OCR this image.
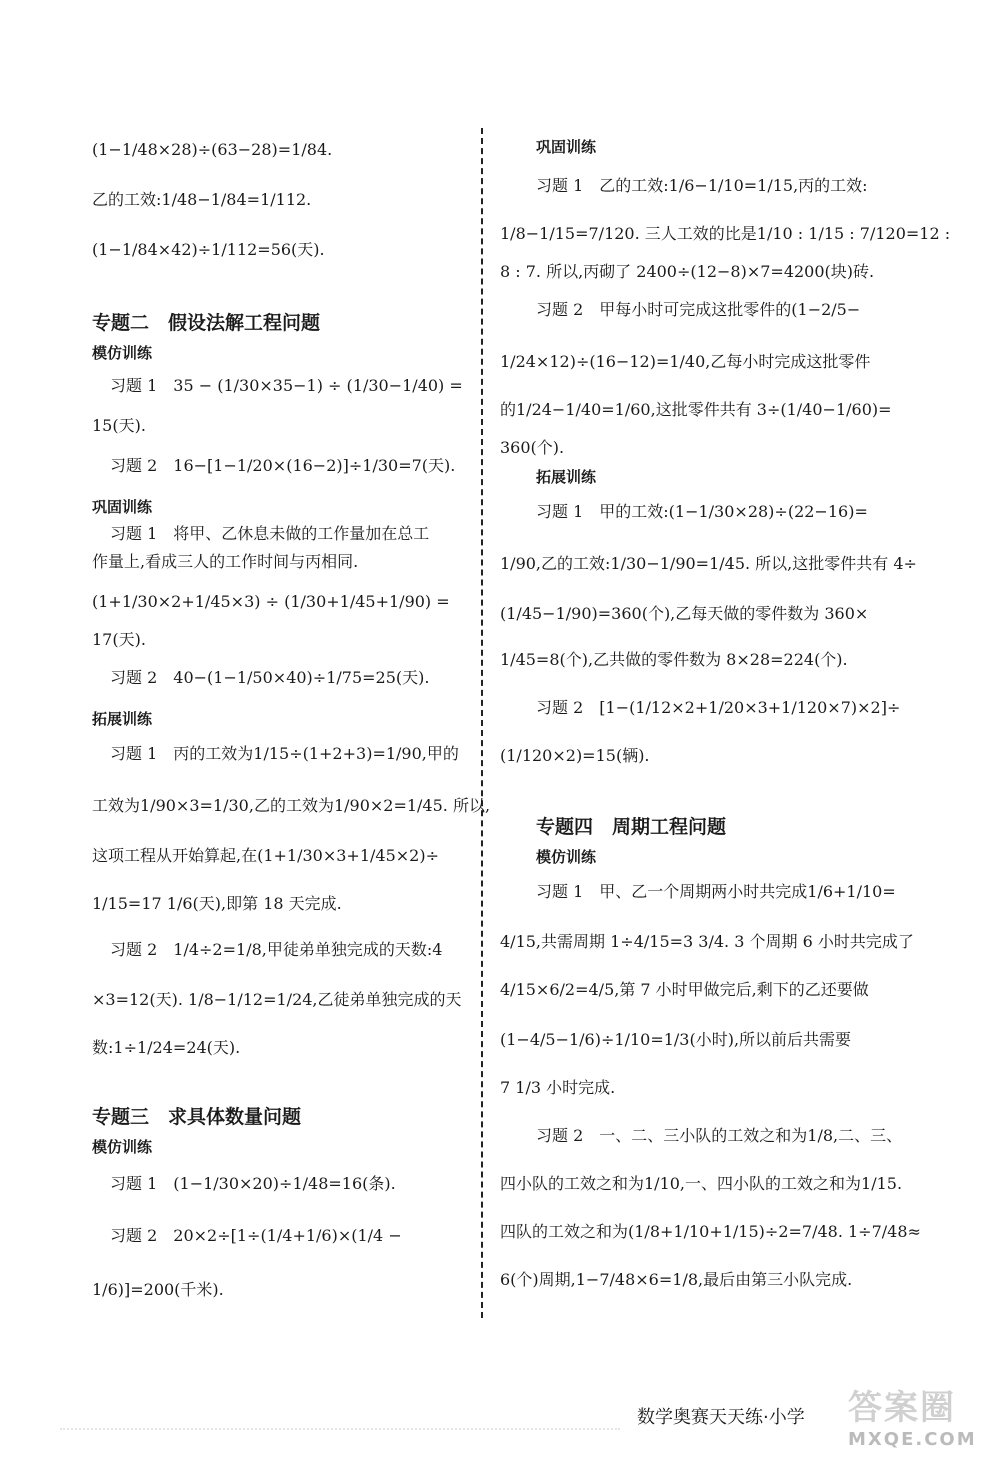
(1−1/48×28)÷(63−28)=1/84.
乙的工效:1/48−1/84=1/112.
(1−1/84×42)÷1/112=56(天).
专题二　假设法解工程问题
模仿训练
习题 1　35 − (1/30×35−1) ÷ (1/30−1/40) =
15(天).
习题 2　16−[1−1/20×(16−2)]÷1/30=7(天).
巩固训练
习题 1　将甲、乙休息未做的工作量加在总工
作量上,看成三人的工作时间与丙相同.
(1+1/30×2+1/45×3) ÷ (1/30+1/45+1/90) =
17(天).
习题 2　40−(1−1/50×40)÷1/75=25(天).
拓展训练
习题 1　丙的工效为1/15÷(1+2+3)=1/90,甲的
工效为1/90×3=1/30,乙的工效为1/90×2=1/45. 所以,
这项工程从开始算起,在(1+1/30×3+1/45×2)÷
1/15=17 1/6(天),即第 18 天完成.
习题 2　1/4÷2=1/8,甲徒弟单独完成的天数:4
×3=12(天). 1/8−1/12=1/24,乙徒弟单独完成的天
数:1÷1/24=24(天).
专题三　求具体数量问题
模仿训练
习题 1　(1−1/30×20)÷1/48=16(条).
习题 2　20×2÷[1÷(1/4+1/6)×(1/4 −
1/6)]=200(千米).
巩固训练
习题 1　乙的工效:1/6−1/10=1/15,丙的工效:
1/8−1/15=7/120. 三人工效的比是1/10 : 1/15 : 7/120=12 :
8 : 7. 所以,丙砌了 2400÷(12−8)×7=4200(块)砖.
习题 2　甲每小时可完成这批零件的(1−2/5−
1/24×12)÷(16−12)=1/40,乙每小时完成这批零件
的1/24−1/40=1/60,这批零件共有 3÷(1/40−1/60)=
360(个).
拓展训练
习题 1　甲的工效:(1−1/30×28)÷(22−16)=
1/90,乙的工效:1/30−1/90=1/45. 所以,这批零件共有 4÷
(1/45−1/90)=360(个),乙每天做的零件数为 360×
1/45=8(个),乙共做的零件数为 8×28=224(个).
习题 2　[1−(1/12×2+1/20×3+1/120×7)×2]÷
(1/120×2)=15(辆).
专题四　周期工程问题
模仿训练
习题 1　甲、乙一个周期两小时共完成1/6+1/10=
4/15,共需周期 1÷4/15=3 3/4. 3 个周期 6 小时共完成了
4/15×6/2=4/5,第 7 小时甲做完后,剩下的乙还要做
(1−4/5−1/6)÷1/10=1/3(小时),所以前后共需要
7 1/3 小时完成.
习题 2　一、二、三小队的工效之和为1/8,二、三、
四小队的工效之和为1/10,一、四小队的工效之和为1/15.
四队的工效之和为(1/8+1/10+1/15)÷2=7/48. 1÷7/48≈
6(个)周期,1−7/48×6=1/8,最后由第三小队完成.
数学奥赛天天练·小学 答案圈
MXQE.COM
